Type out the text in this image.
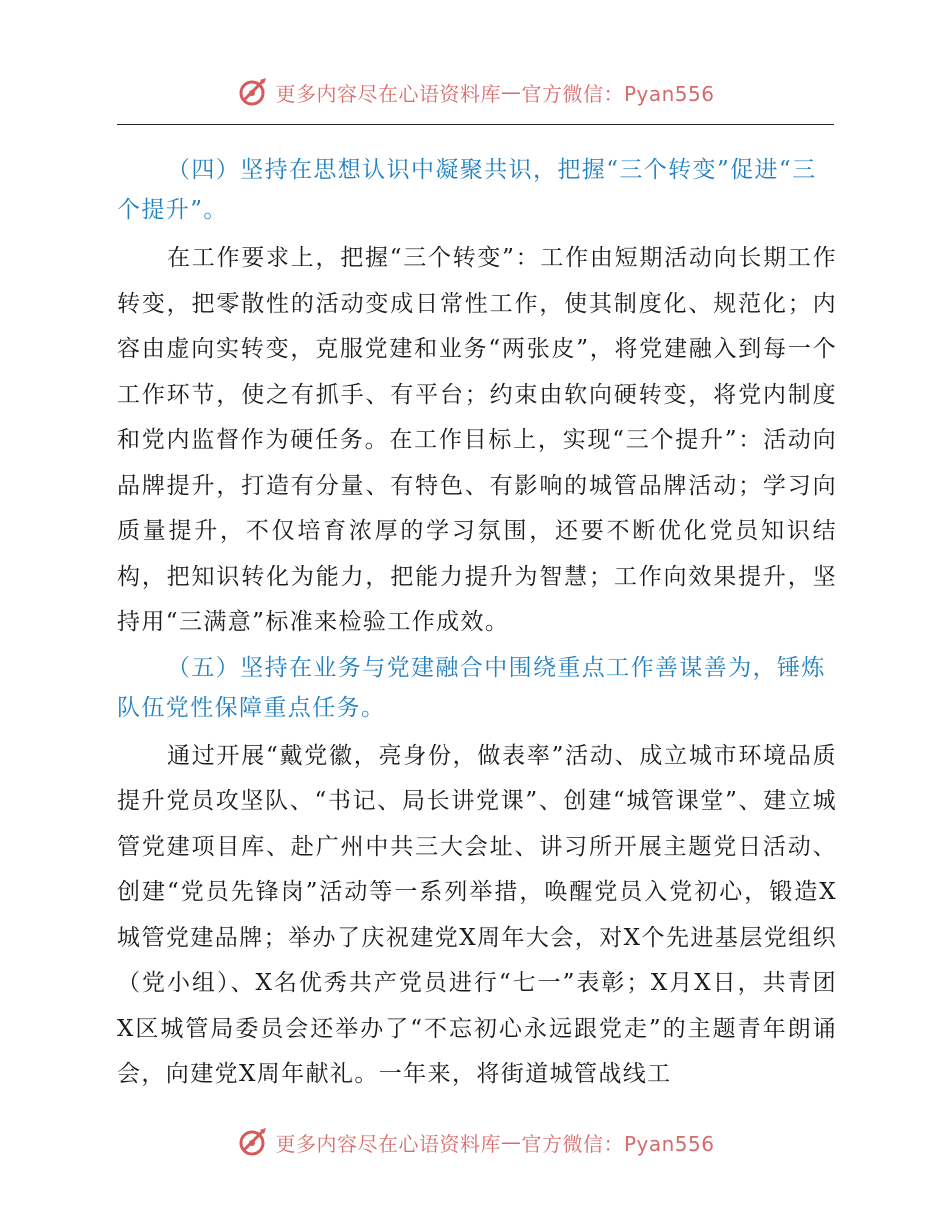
更多内容尽在心语资料库 — 官方微信：Pyan556

（四）坚持在思想认识中凝聚共识，把握“三个转变”促进“三个提升”。

在工作要求上，把握“三个转变”：工作由短期活动向长期工作转变，把零散性的活动变成日常性工作，使其制度化、规范化；内容由虚向实转变，克服党建和业务“两张皮”，将党建融入到每一个工作环节，使之有抓手、有平台；约束由软向硬转变，将党内制度和党内监督作为硬任务。在工作目标上，实现“三个提升”：活动向品牌提升，打造有分量、有特色、有影响的城管品牌活动；学习向质量提升，不仅培育浓厚的学习氛围，还要不断优化党员知识结构，把知识转化为能力，把能力提升为智慧；工作向效果提升，坚持用“三满意”标准来检验工作成效。

（五）坚持在业务与党建融合中围绕重点工作善谋善为，锤炼队伍党性保障重点任务。

通过开展“戴党徽，亮身份，做表率”活动、成立城市环境品质提升党员攻坚队、“书记、局长讲党课”、创建“城管课堂”、建立城管党建项目库、赴广州中共三大会址、讲习所开展主题党日活动、创建“党员先锋岗”活动等一系列举措，唤醒党员入党初心，锻造X城管党建品牌；举办了庆祝建党X周年大会，对X个先进基层党组织（党小组）、X名优秀共产党员进行“七一”表彰；X月X日，共青团X区城管局委员会还举办了“不忘初心永远跟党走”的主题青年朗诵会，向建党X周年献礼。一年来，将街道城管战线工

更多内容尽在心语资料库 — 官方微信：Pyan556
